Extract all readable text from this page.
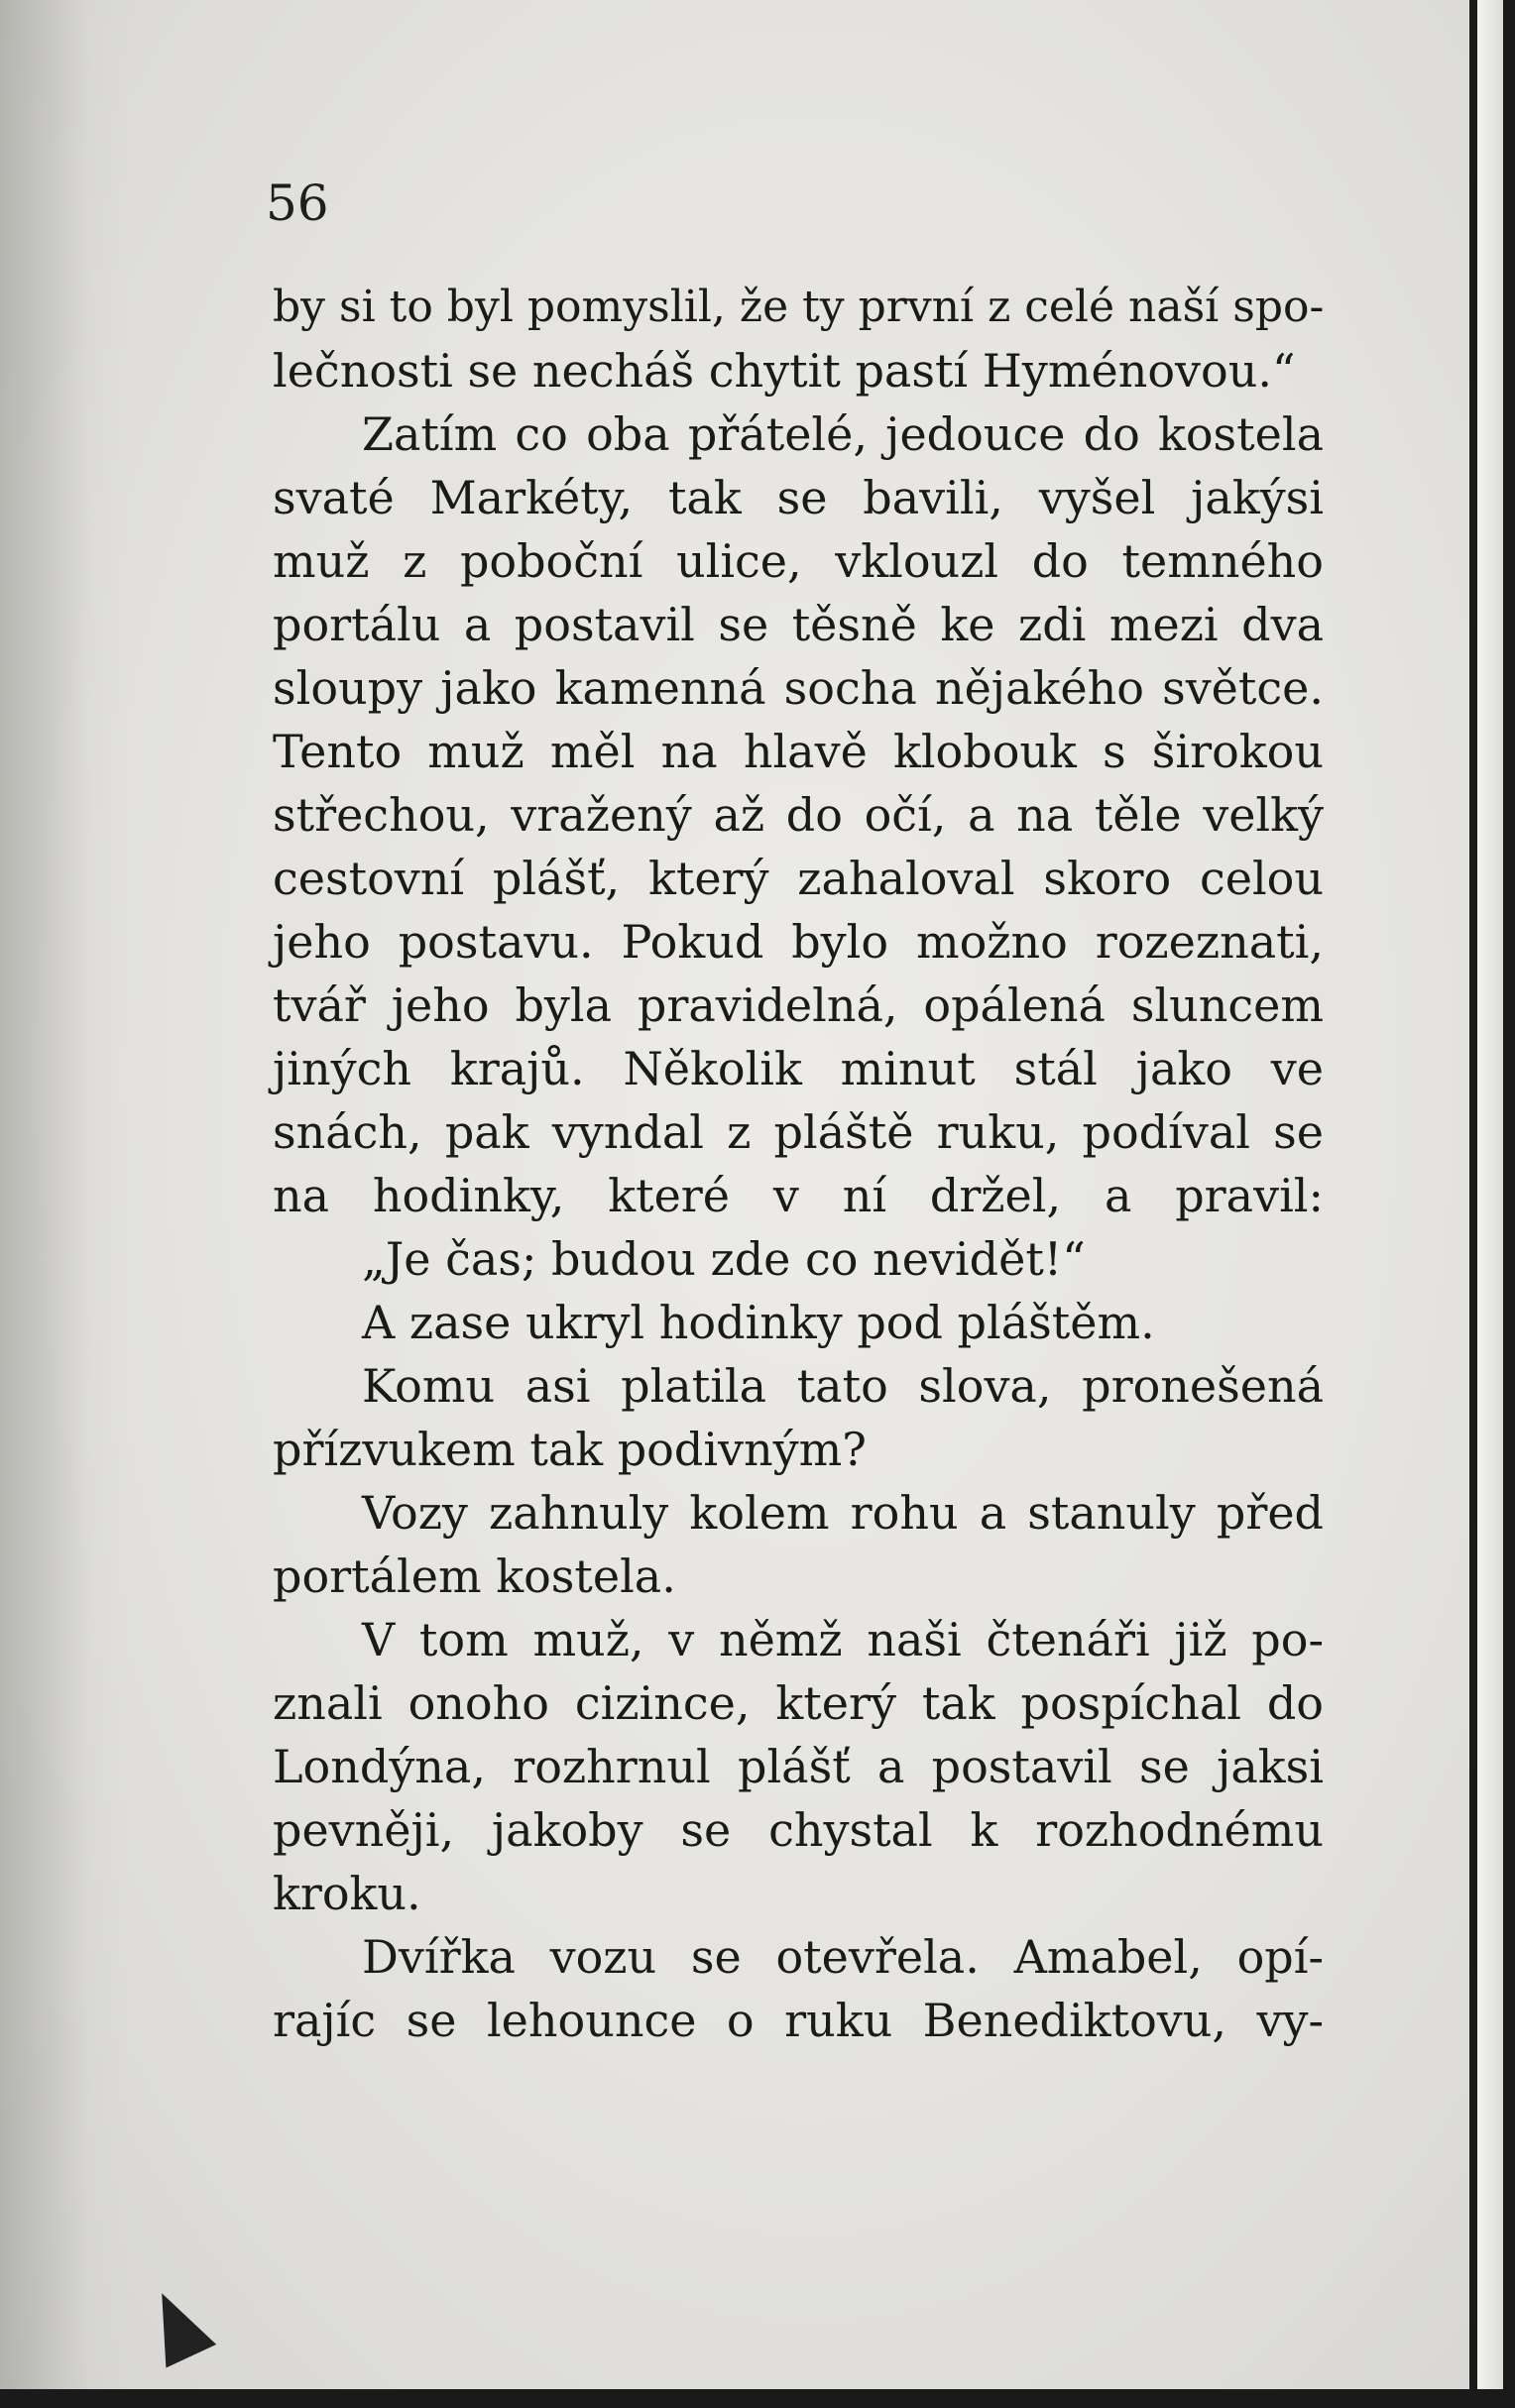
56
by si to byl pomyslil, že ty první z celé naší spo-
lečnosti se necháš chytit pastí Hyménovou.“
Zatím co oba přátelé, jedouce do kostela
svaté Markéty, tak se bavili, vyšel jakýsi
muž z poboční ulice, vklouzl do temného
portálu a postavil se těsně ke zdi mezi dva
sloupy jako kamenná socha nějakého světce.
Tento muž měl na hlavě klobouk s širokou
střechou, vražený až do očí, a na těle velký
cestovní plášť, který zahaloval skoro celou
jeho postavu. Pokud bylo možno rozeznati,
tvář jeho byla pravidelná, opálená sluncem
jiných krajů. Několik minut stál jako ve
snách, pak vyndal z pláště ruku, podíval se
na hodinky, které v ní držel, a pravil:
„Je čas; budou zde co nevidět!“
A zase ukryl hodinky pod pláštěm.
Komu asi platila tato slova, pronešená
přízvukem tak podivným?
Vozy zahnuly kolem rohu a stanuly před
portálem kostela.
V tom muž, v němž naši čtenáři již po-
znali onoho cizince, který tak pospíchal do
Londýna, rozhrnul plášť a postavil se jaksi
pevněji, jakoby se chystal k rozhodnému
kroku.
Dvířka vozu se otevřela. Amabel, opí-
rajíc se lehounce o ruku Benediktovu, vy-
